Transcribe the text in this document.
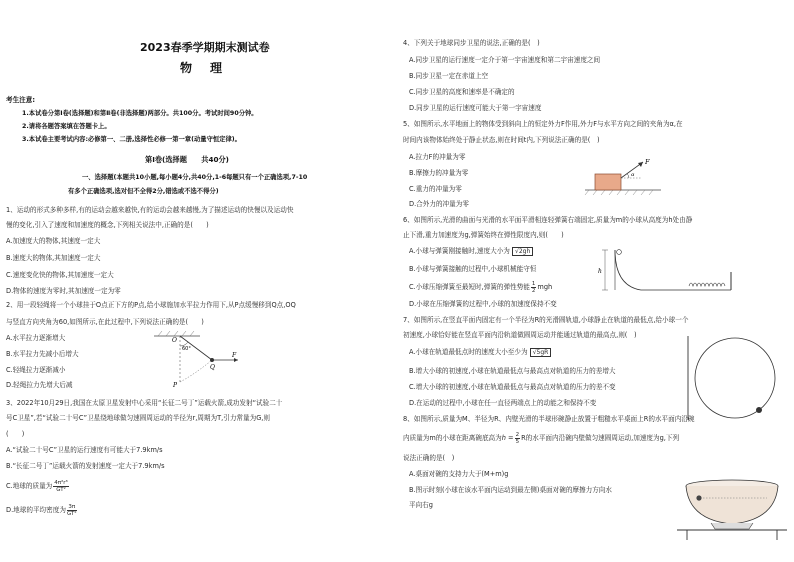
2023春季学期期末测试卷
物理
考生注意:
1.本试卷分第Ⅰ卷(选择题)和第Ⅱ卷(非选择题)两部分。共100分。考试时间90分钟。
2.请将各题答案填在答题卡上。
3.本试卷主要考试内容:必修第一、二册,选择性必修一第一章(动量守恒定律)。
第Ⅰ卷(选择题　　共40分)
一、选择题(本题共10小题,每小题4分,共40分,1-6每题只有一个正确选项,7-10
有多个正确选项,选对但不全得2分,错选或不选不得分)
1、运动的形式多种多样,有的运动会越来越快,有的运动会越来越慢,为了描述运动的快慢以及运动快
慢的变化,引入了速度和加速度的概念,下列相关说法中,正确的是(　　)
A.加速度大的物体,其速度一定大
B.速度大的物体,其加速度一定大
C.速度变化快的物体,其加速度一定大
D.物体的速度为零时,其加速度一定为零
2、用一段轻绳将一个小球挂于O点正下方的P点,给小球施加水平拉力作用下,从P点缓慢移到Q点,OQ
与竖直方向夹角为60,如图所示,在此过程中,下列说法正确的是(　　)
A.水平拉力逐渐增大
B.水平拉力先减小后增大
C.轻绳拉力逐渐减小
D.轻绳拉力先增大后减
O
60°
Q
F
P
3、2022年10月29日,我国在太原卫星发射中心采用“长征二号丁”运载火箭,成功发射“试验二十
号C卫星”,若“试验二十号C”卫星绕地球做匀速圆周运动的半径为r,周期为T,引力常量为G,则
(　　)
A.“试验二十号C”卫星的运行速度有可能大于7.9km/s
B.“长征二号丁”运载火箭的发射速度一定大于7.9km/s
C.地球的质量为 $\frac{\text{4π²r³}}{\text{GT²}}$
D.地球的平均密度为 $\frac{3\pi}{\text{GT²}}$
4、下列关于地球同步卫星的说法,正确的是(　)
A.同步卫星的运行速度一定介于第一宇宙速度和第二宇宙速度之间
B.同步卫星一定在赤道上空
C.同步卫星的高度和速率是不确定的
D.同步卫星的运行速度可能大于第一宇宙速度
5、如图所示,水平地面上的物体受到斜向上的恒定外力F作用,外力F与水平方向之间的夹角为α,在
时间内该物体始终处于静止状态,则在时间t内,下列说法正确的是(　)
A.拉力F的冲量为零
B.摩擦力的冲量为零
C.重力的冲量为零
D.合外力的冲量为零
F
α
6、如图所示,光滑的曲面与光滑的水平面平滑相连轻弹簧右端固定,质量为m的小球从高度为h处由静
止下滑,重力加速度为g,弹簧始终在弹性限度内,则(　　)
A.小球与弹簧刚接触时,速度大小为 √2gh
B.小球与弹簧接触的过程中,小球机械能守恒
C.小球压缩弹簧至最短时,弹簧的弹性势能 $\frac{1}{2}$ mgh
D.小球在压缩弹簧的过程中,小球的加速度保持不变
h
7、如图所示,在竖直平面内固定有一个半径为R的光滑圆轨道,小球静止在轨道的最低点,给小球一个
初速度,小球恰好能在竖直平面内沿轨道做圆周运动并能通过轨道的最高点,则(　)
A.小球在轨道最低点时的速度大小至少为 √5gR
B.增大小球的初速度,小球在轨道最低点与最高点对轨道的压力的差增大
C.增大小球的初速度,小球在轨道最低点与最高点对轨道的压力的差不变
D.在运动的过程中,小球在任一直径两端点上的动能之和保持不变
8、如图所示,质量为M、半径为R、内壁光滑的半球形碗静止放置于粗糙水平桌面上R的水平面内沿碗
内质量为m的小球在距离碗底高为$h = \frac{2}{5}$ R的水平面内沿碗内壁做匀速圆周运动,加速度为g,下列
说法正确的是(　)
A.桌面对碗的支持力大于(M+m)g
B.图示时刻(小球在该水平面内运动到最左侧)桌面对碗的摩擦力方向水
平向右g
